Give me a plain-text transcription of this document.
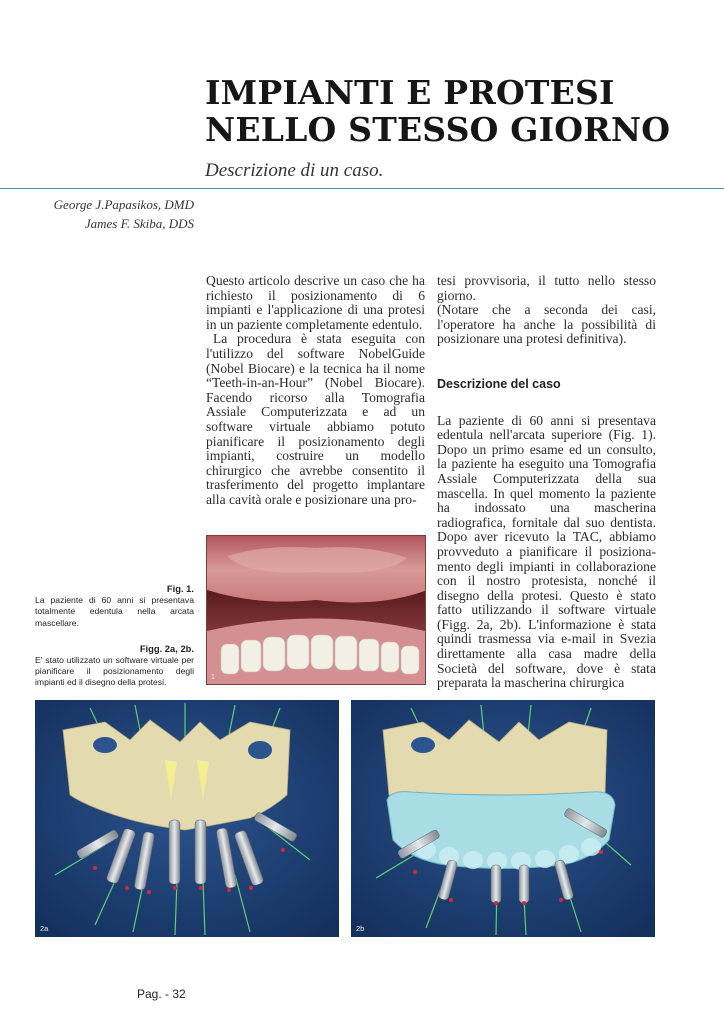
IMPIANTI E PROTESI
NELLO STESSO GIORNO
Descrizione di un caso.
George J.Papasikos, DMD
James F. Skiba, DDS

Questo articolo descrive un caso che ha richiesto il posizionamento di 6 impianti e l'applicazione di una protesi in un paziente completamente edentulo.

La procedura è stata eseguita con l'utilizzo del software NobelGuide (Nobel Biocare) e la tecnica ha il nome “Teeth-in-an-Hour” (Nobel Biocare). Facendo ricorso alla Tomografia Assiale Computerizzata e ad un software virtuale abbiamo potuto pianificare il posizionamento degli impianti, costruire un modello chirurgico che avrebbe consentito il trasferimento del progetto implantare alla cavità orale e posizionare una pro-

tesi provvisoria, il tutto nello stesso giorno.

(Notare che a seconda dei casi, l'operatore ha anche la possibilità di posizionare una protesi definitiva).

Descrizione del caso

La paziente di 60 anni si presentava edentula nell'arcata superiore (Fig. 1). Dopo un primo esame ed un consulto, la paziente ha eseguito una Tomografia Assiale Computerizzata della sua mascella. In quel momento la paziente ha indossato una mascherina radiografica, fornitale dal suo dentista. Dopo aver ricevuto la TAC, abbiamo provveduto a pianificare il posiziona-mento degli impianti in collaborazione con il nostro protesista, nonché il disegno della protesi. Questo è stato fatto utilizzando il software virtuale (Figg. 2a, 2b). L'informazione è stata quindi trasmessa via e-mail in Svezia direttamente alla casa madre della Società del software, dove è stata preparata la mascherina chirurgica

Fig. 1.
La paziente di 60 anni si presentava totalmente edentula nella arcata mascellare.
Figg. 2a, 2b.
E' stato utilizzato un software virtuale per pianificare il posizionamento degli impianti ed il disegno della protesi.	1
2a	2b
Pag. - 32
